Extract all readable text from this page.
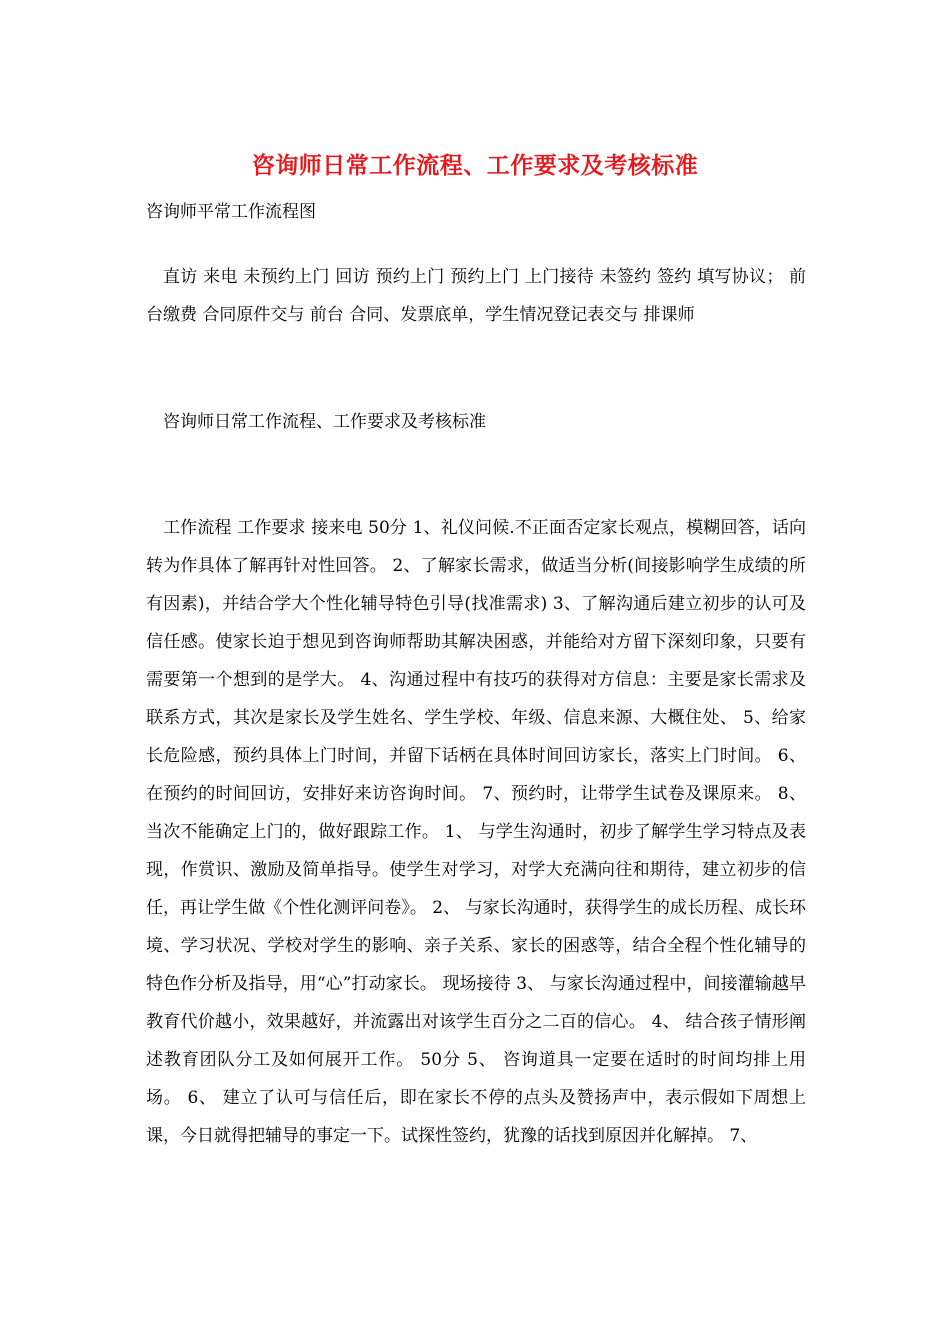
咨询师日常工作流程、工作要求及考核标准
咨询师平常工作流程图
直访 来电 未预约上门 回访 预约上门 预约上门 上门接待 未签约 签约 填写协议； 前台缴费 合同原件交与 前台 合同、发票底单，学生情况登记表交与 排课师
咨询师日常工作流程、工作要求及考核标准
工作流程 工作要求 接来电 50分 1、礼仪问候.不正面否定家长观点，模糊回答，话向转为作具体了解再针对性回答。 2、了解家长需求，做适当分析(间接影响学生成绩的所有因素)，并结合学大个性化辅导特色引导(找准需求) 3、了解沟通后建立初步的认可及信任感。使家长迫于想见到咨询师帮助其解决困惑，并能给对方留下深刻印象，只要有需要第一个想到的是学大。 4、沟通过程中有技巧的获得对方信息：主要是家长需求及联系方式，其次是家长及学生姓名、学生学校、年级、信息来源、大概住处、 5、给家长危险感，预约具体上门时间，并留下话柄在具体时间回访家长，落实上门时间。 6、在预约的时间回访，安排好来访咨询时间。 7、预约时，让带学生试卷及课原来。 8、当次不能确定上门的，做好跟踪工作。 1、 与学生沟通时，初步了解学生学习特点及表现，作赏识、激励及简单指导。使学生对学习，对学大充满向往和期待，建立初步的信任，再让学生做《个性化测评问卷》。 2、 与家长沟通时，获得学生的成长历程、成长环境、学习状况、学校对学生的影响、亲子关系、家长的困惑等，结合全程个性化辅导的特色作分析及指导，用“心”打动家长。 现场接待 3、 与家长沟通过程中，间接灌输越早教育代价越小，效果越好，并流露出对该学生百分之二百的信心。 4、 结合孩子情形阐述教育团队分工及如何展开工作。 50分 5、 咨询道具一定要在适时的时间均排上用场。 6、 建立了认可与信任后，即在家长不停的点头及赞扬声中，表示假如下周想上课，今日就得把辅导的事定一下。试探性签约，犹豫的话找到原因并化解掉。 7、
